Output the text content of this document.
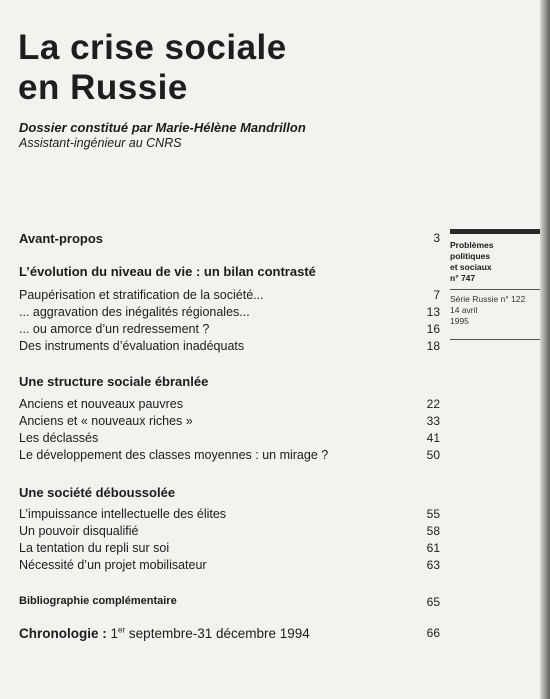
La crise sociale
en Russie
Dossier constitué par Marie-Hélène Mandrillon
Assistant-ingénieur au CNRS
Problèmes
politiques
et sociaux
n° 747
Série Russie n° 122
14 avril
1995
Avant-propos	3
L’évolution du niveau de vie : un bilan contrasté
Paupérisation et stratification de la société...	7
... aggravation des inégalités régionales...	13
... ou amorce d’un redressement ?	16
Des instruments d’évaluation inadéquats	18
Une structure sociale ébranlée
Anciens et nouveaux pauvres	22
Anciens et « nouveaux riches »	33
Les déclassés	41
Le développement des classes moyennes : un mirage ?	50
Une société déboussolée
L’impuissance intellectuelle des élites	55
Un pouvoir disqualifié	58
La tentation du repli sur soi	61
Nécessité d’un projet mobilisateur	63
Bibliographie complémentaire	65
Chronologie : 1er septembre-31 décembre 1994	66
